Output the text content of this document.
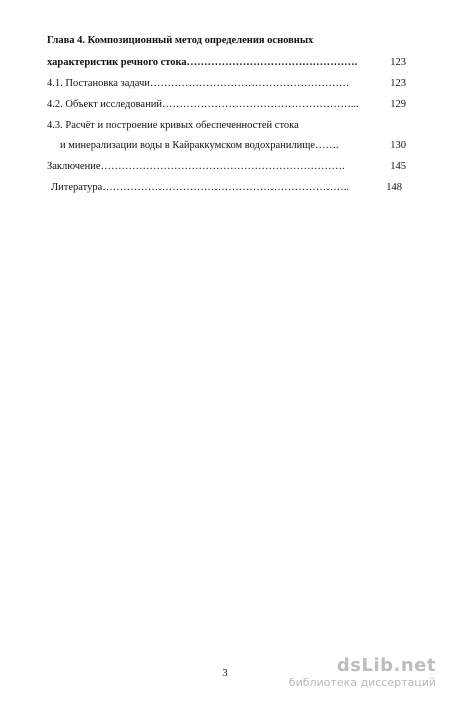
Глава 4. Композиционный метод определения основных
характеристик речного стока………………………………………….	123
4.1. Постановка задачи…………………………………………………	123
4.2. Объект исследований………………………………………………...	129
4.3. Расчёт и построение кривых обеспеченностей стока
и минерализации воды в Кайраккумском водохранилище…….	130
Заключение…………………………………………………………….	145
Литература……………………………………………………………..	148
3	dsLib.net
библиотека диссертаций
